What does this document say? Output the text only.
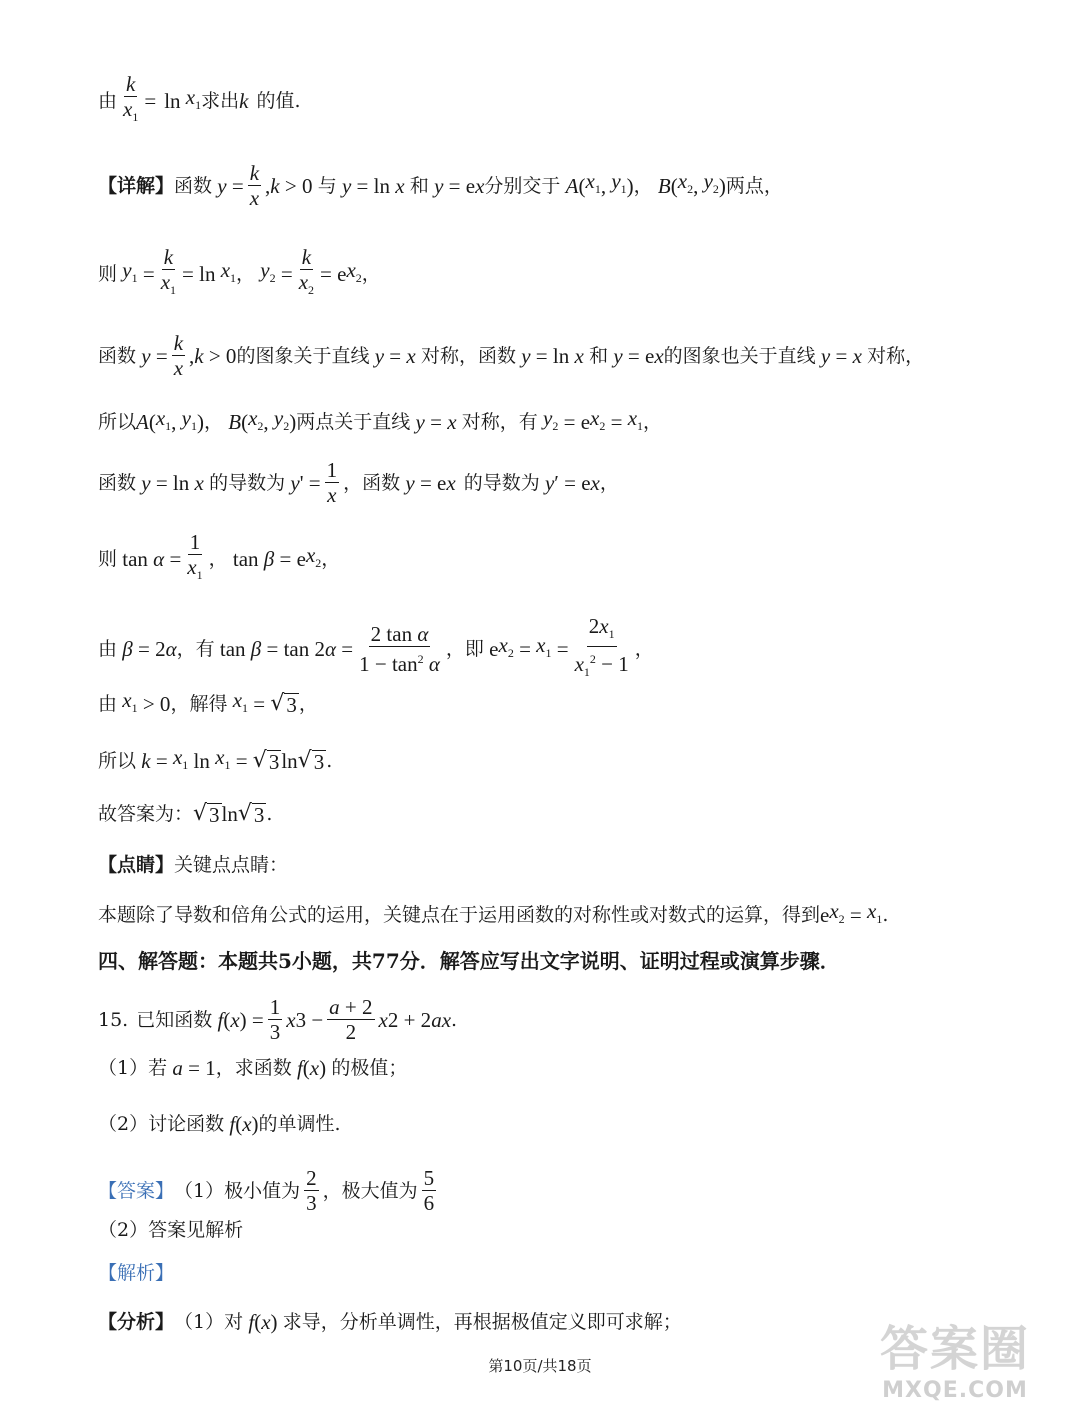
由 $\frac{k}{x_1} = \ln x_1$ 求出 k 的值.
【详解】 函数 $y = \frac{k}{x}$ , k > 0 与 y = ln x 和 y = e x 分别交于 A ( $x_1$ , $y_1$ ) ， B ( $x_2$ , $y_2$ ) 两点，
则 $y_1 = \frac{k}{x_1} = \ln x_1$ ， $y_2 = \frac{k}{x_2} = e$ $x_2$ ，
函数 $y = \frac{k}{x}$ , k > 0 的图象关于直线 y = x 对称，函数 y = ln x 和 y = e x 的图象也关于直线 y = x 对称，
所以 A ( $x_1$ , $y_1$ ) ， B ( $x_2$ , $y_2$ ) 两点关于直线 y = x 对称，有 $y_2 = e$ $x_2 = x_1$ ，
函数 y = ln x 的导数为 y ' = $\frac{1}{x}$ ，函数 y = e x 的导数为 y ′ = e x ，
则 $\tan \alpha = \frac{1}{x_1}$ ， tan β = e $x_2$ ，
由 β = 2 α ，有 tan β = tan 2 $\alpha = \frac{\text{2 tan α}}{1 - \tan^2 \alpha}$ ，即 e $x_2 = x_1 = \frac{2x_1}{x_1^2 - 1}$ ，
由 $x_1 > 0$ ，解得 $x_1$ = √ 3 ，
所以 $k = x_1$ $\ln x_1$ = √ 3 ln √ 3 .
故答案为： √ 3 ln √ 3 .
【点睛】 关键点点睛：
本题除了导数和倍角公式的运用，关键点在于运用函数的对称性或对数式的运算，得到 e $x_2 = x_1$ .
四、解答题：本题共5小题，共77分．解答应写出文字说明、证明过程或演算步骤．
15. 已知函数 f ( x ) = $\frac{1}{3}$ x $3 - \frac{a + 2}{2}$ x 2 + 2 ax .
（1）若 a = 1 ，求函数 f ( x ) 的极值；
（2）讨论函数 f ( x ) 的单调性.
【答案】 （1）极小值为 $\frac{2}{3}$ ，极大值为 $\frac{5}{6}$
（2）答案见解析
【解析】
【分析】 （1）对 f ( x ) 求导，分析单调性，再根据极值定义即可求解；
第10页/共18页	答案圈
MXQE.COM
